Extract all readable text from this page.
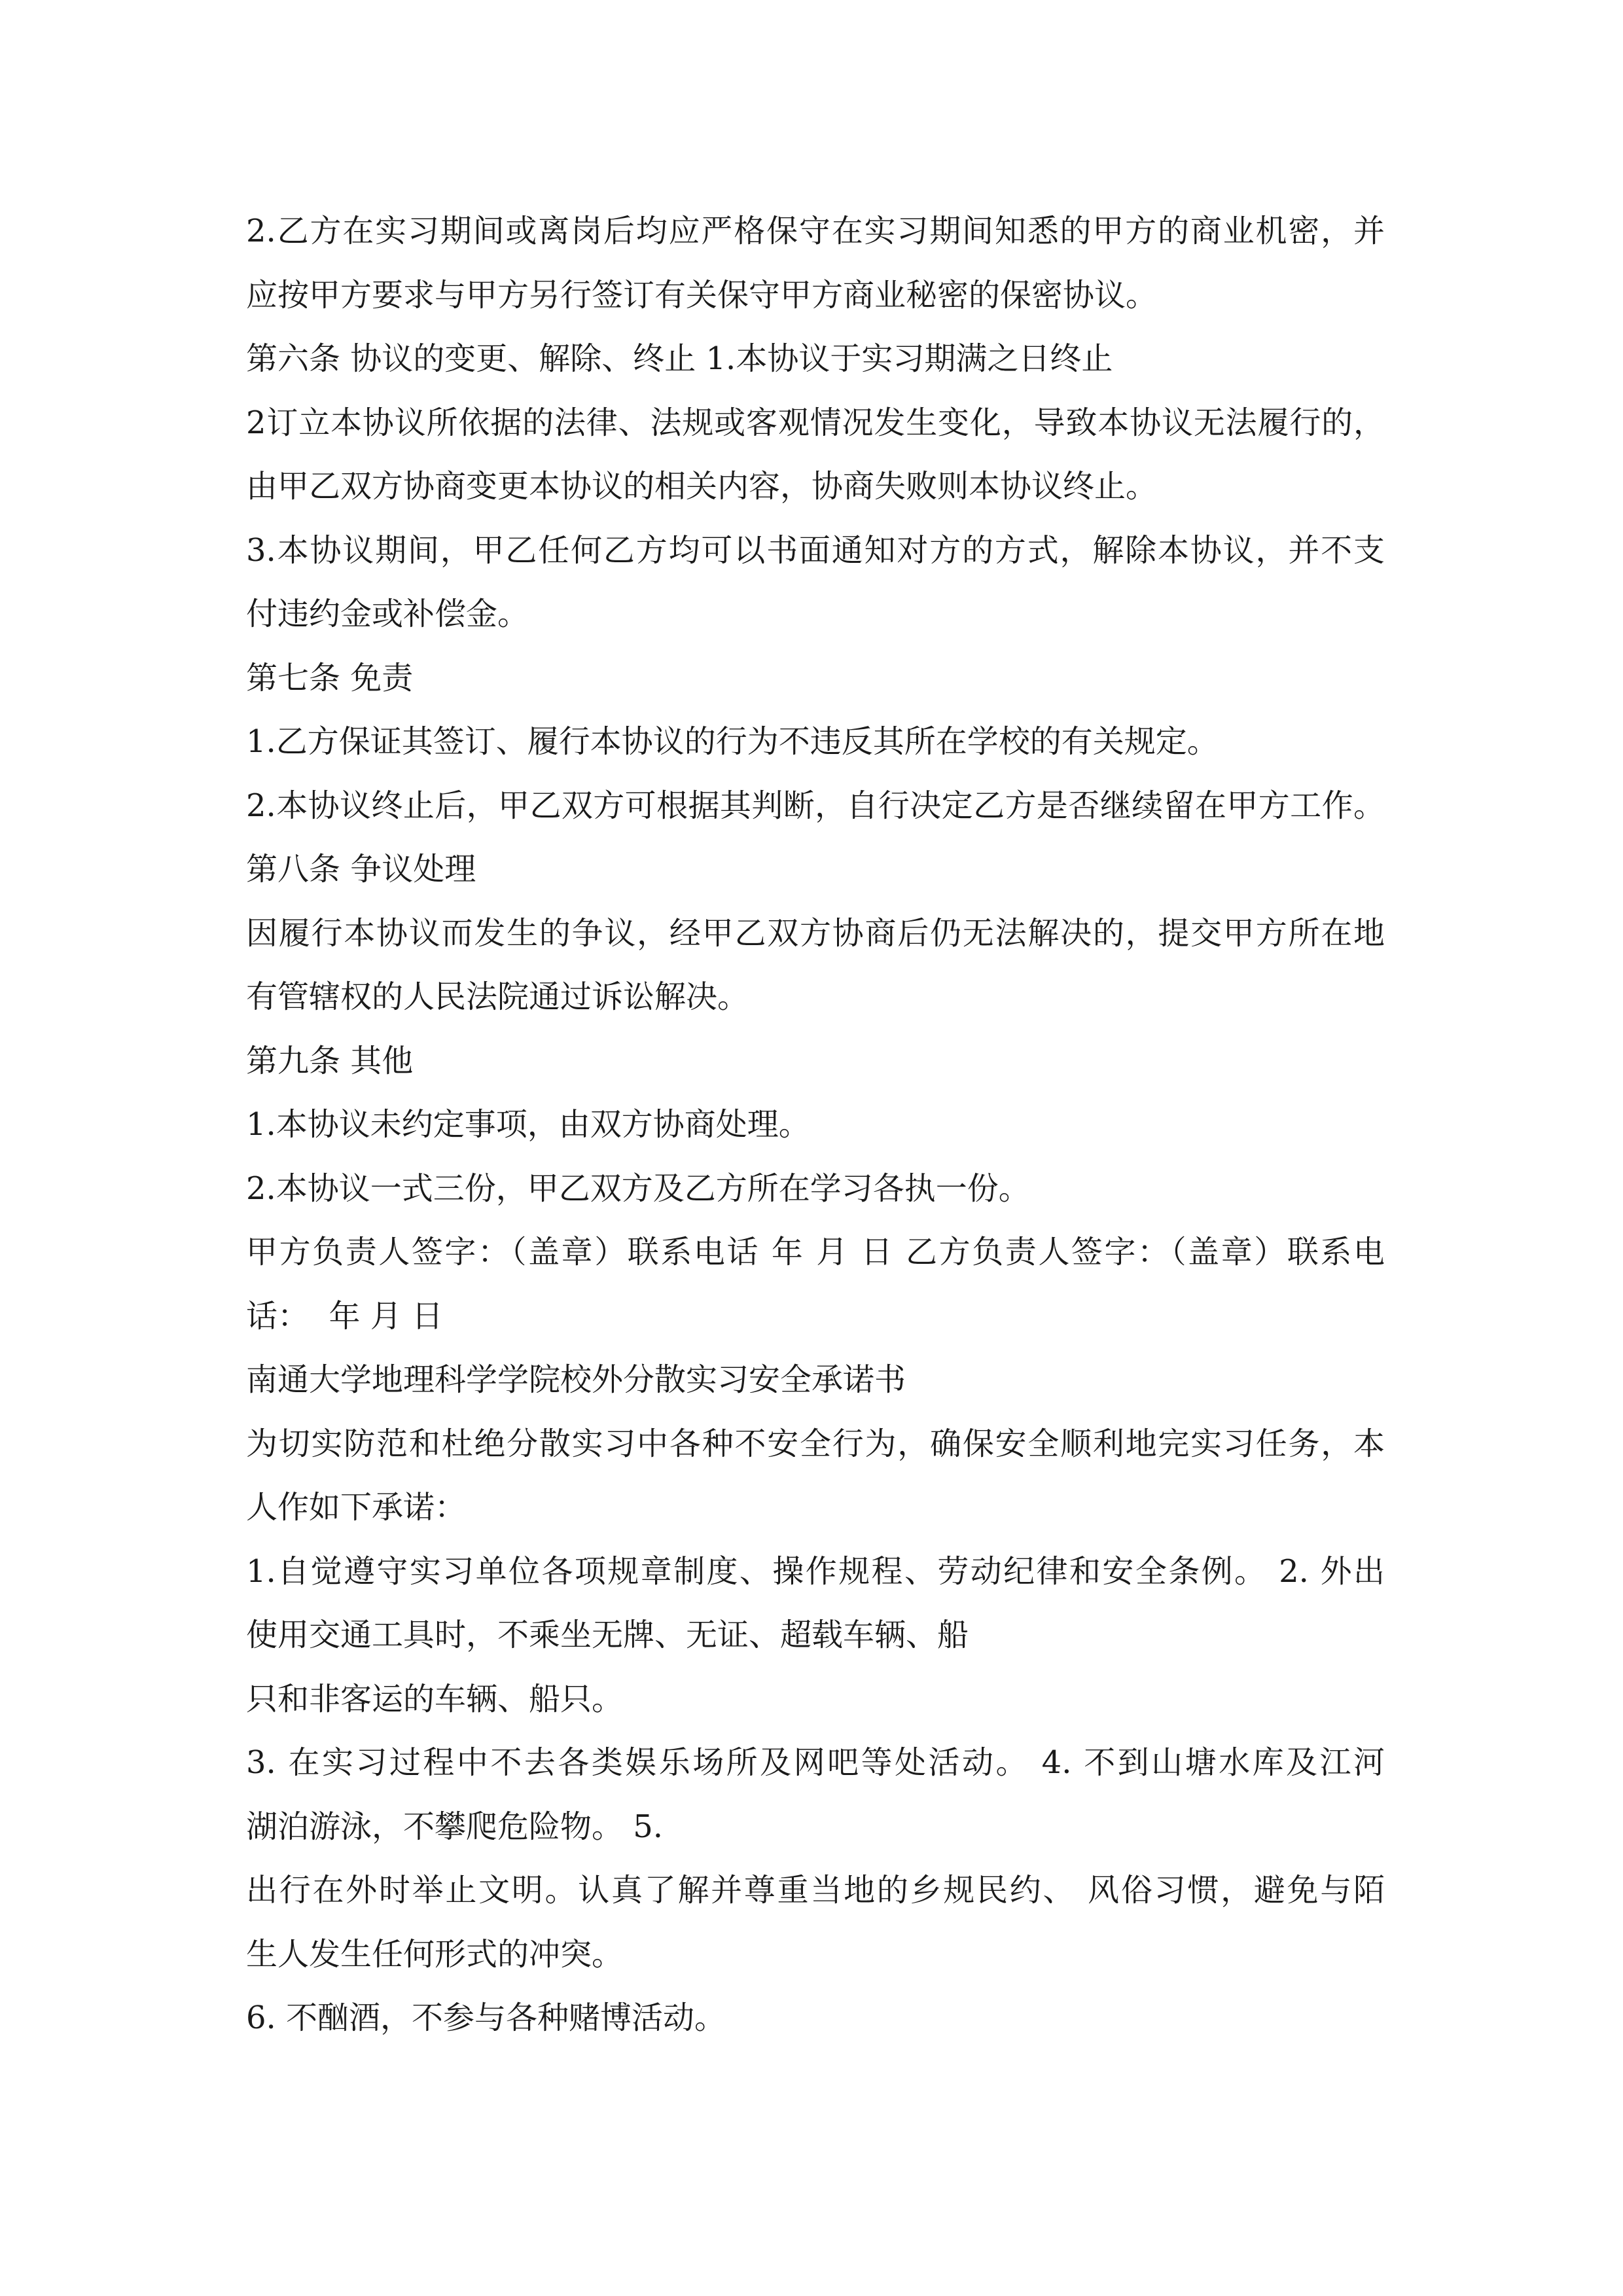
2.乙方在实习期间或离岗后均应严格保守在实习期间知悉的甲方的商业机密，并
应按甲方要求与甲方另行签订有关保守甲方商业秘密的保密协议。
第六条 协议的变更、解除、终止 1.本协议于实习期满之日终止
2订立本协议所依据的法律、法规或客观情况发生变化，导致本协议无法履行的，
由甲乙双方协商变更本协议的相关内容，协商失败则本协议终止。
3.本协议期间，甲乙任何乙方均可以书面通知对方的方式，解除本协议，并不支
付违约金或补偿金。
第七条 免责
1.乙方保证其签订、履行本协议的行为不违反其所在学校的有关规定。
2.本协议终止后，甲乙双方可根据其判断，自行决定乙方是否继续留在甲方工作。
第八条 争议处理
因履行本协议而发生的争议，经甲乙双方协商后仍无法解决的，提交甲方所在地
有管辖权的人民法院通过诉讼解决。
第九条 其他
1.本协议未约定事项，由双方协商处理。
2.本协议一式三份，甲乙双方及乙方所在学习各执一份。
甲方负责人签字：（盖章）联系电话 年 月 日 乙方负责人签字：（盖章）联系电
话：  年 月 日
南通大学地理科学学院校外分散实习安全承诺书
为切实防范和杜绝分散实习中各种不安全行为，确保安全顺利地完实习任务，本
人作如下承诺：
1.自觉遵守实习单位各项规章制度、操作规程、劳动纪律和安全条例。 2. 外出
使用交通工具时，不乘坐无牌、无证、超载车辆、船
只和非客运的车辆、船只。
3. 在实习过程中不去各类娱乐场所及网吧等处活动。 4. 不到山塘水库及江河
湖泊游泳，不攀爬危险物。 5.
出行在外时举止文明。认真了解并尊重当地的乡规民约、 风俗习惯，避免与陌
生人发生任何形式的冲突。
6. 不酗酒，不参与各种赌博活动。
